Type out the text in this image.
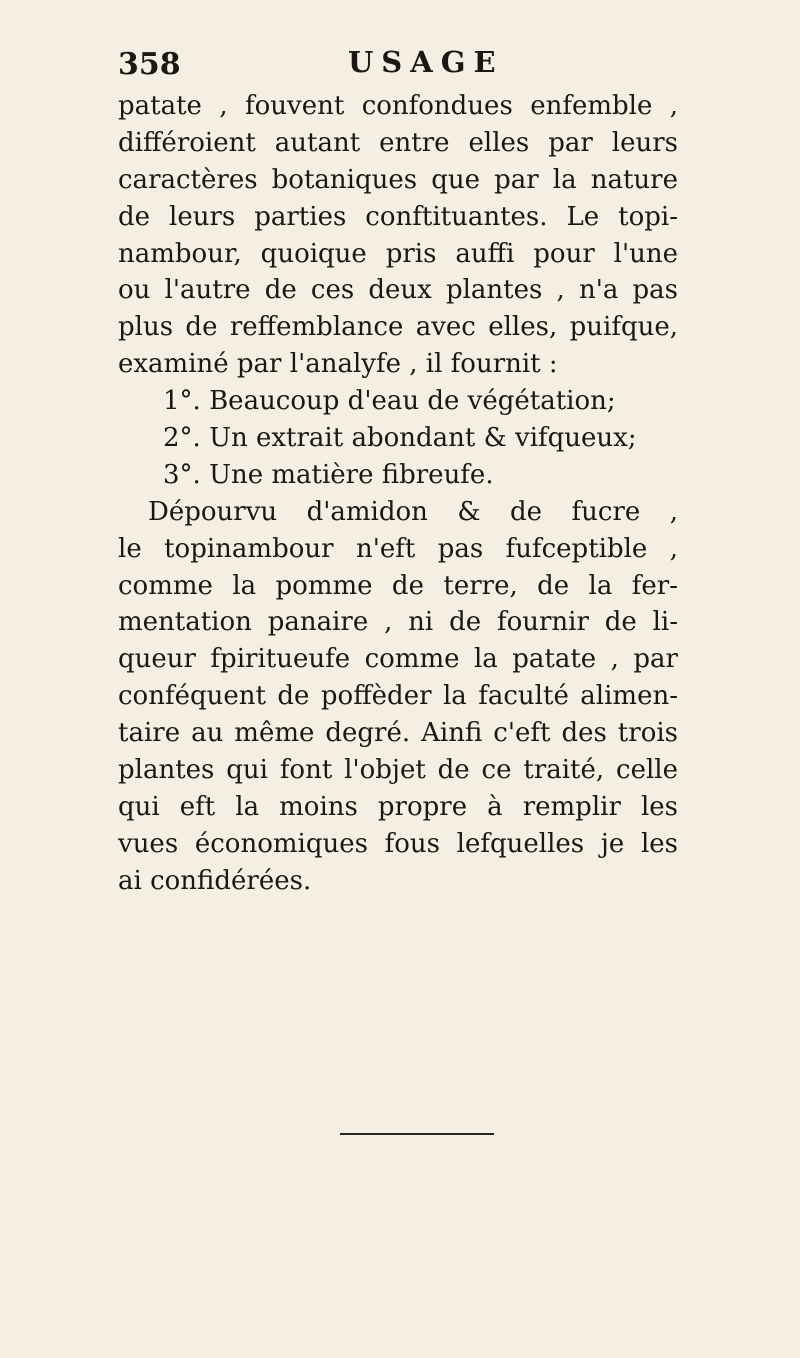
358	USAGE
patate , fouvent confondues enfemble ,
différoient autant entre elles par leurs
caractères botaniques que par la nature
de leurs parties conftituantes. Le topi-
nambour, quoique pris auffi pour l'une
ou l'autre de ces deux plantes , n'a pas
plus de reffemblance avec elles, puifque,
examiné par l'analyfe , il fournit :
1°. Beaucoup d'eau de végétation;
2°. Un extrait abondant & vifqueux;
3°. Une matière fibreufe.
Dépourvu d'amidon & de fucre ,
le topinambour n'eft pas fufceptible ,
comme la pomme de terre, de la fer-
mentation panaire , ni de fournir de li-
queur fpiritueufe comme la patate , par
conféquent de poffèder la faculté alimen-
taire au même degré. Ainfi c'eft des trois
plantes qui font l'objet de ce traité, celle
qui eft la moins propre à remplir les
vues économiques fous lefquelles je les
ai confidérées.
